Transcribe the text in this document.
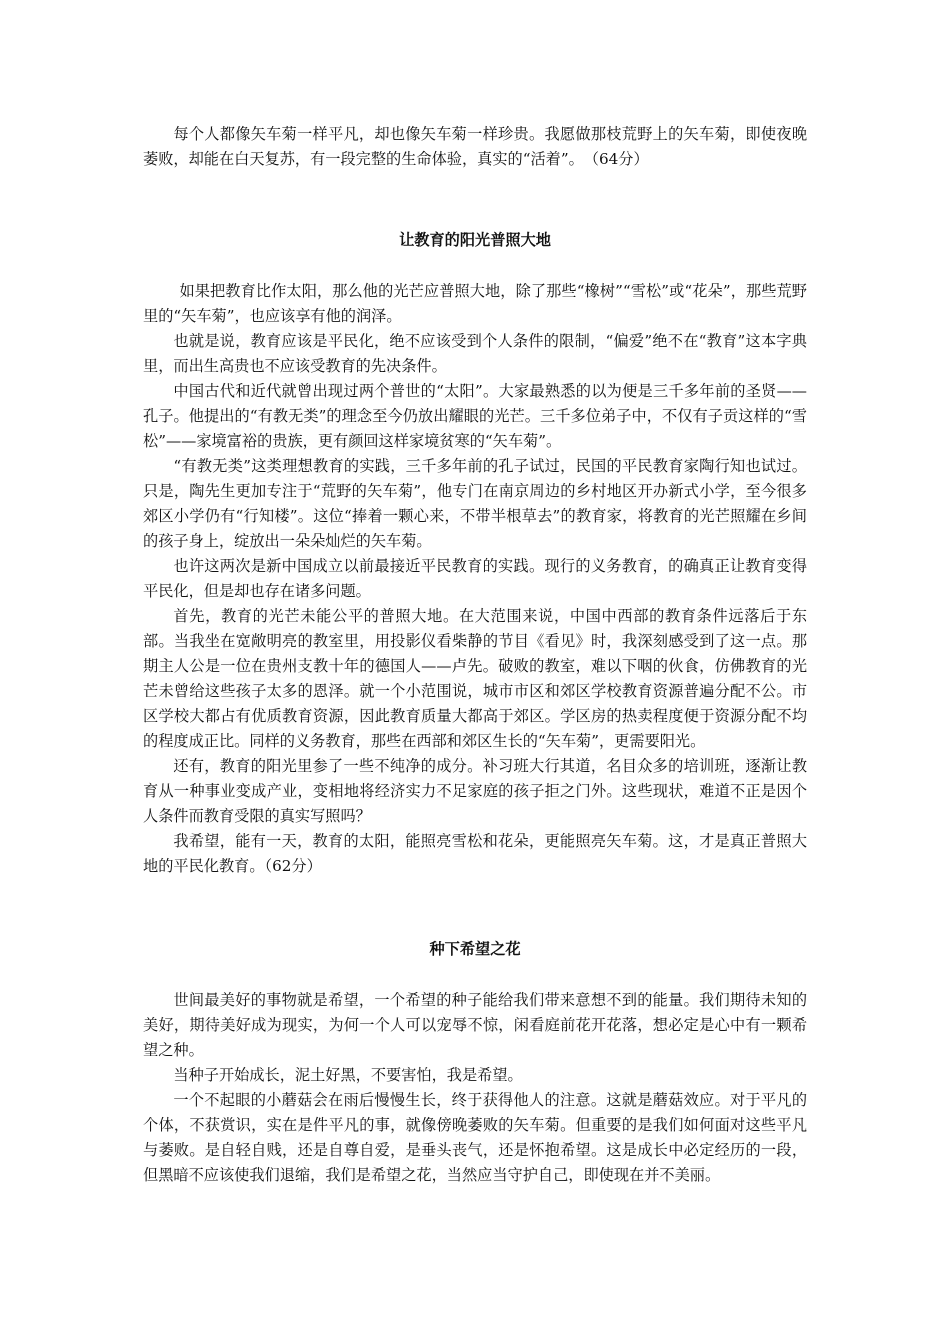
每个人都像矢车菊一样平凡，却也像矢车菊一样珍贵。我愿做那枝荒野上的矢车菊，即使夜晚萎败，却能在白天复苏，有一段完整的生命体验，真实的“活着”。　（64分）

让教育的阳光普照大地

如果把教育比作太阳，那么他的光芒应普照大地，除了那些“橡树”“雪松”或“花朵”，那些荒野里的“矢车菊”，也应该享有他的润泽。

也就是说，教育应该是平民化，绝不应该受到个人条件的限制，“偏爱”绝不在“教育”这本字典里，而出生高贵也不应该受教育的先决条件。

中国古代和近代就曾出现过两个普世的“太阳”。大家最熟悉的以为便是三千多年前的圣贤——孔子。他提出的“有教无类”的理念至今仍放出耀眼的光芒。三千多位弟子中，不仅有子贡这样的“雪松”——家境富裕的贵族，更有颜回这样家境贫寒的“矢车菊”。

“有教无类”这类理想教育的实践，三千多年前的孔子试过，民国的平民教育家陶行知也试过。只是，陶先生更加专注于“荒野的矢车菊”，他专门在南京周边的乡村地区开办新式小学，至今很多郊区小学仍有“行知楼”。这位“捧着一颗心来，不带半根草去”的教育家，将教育的光芒照耀在乡间的孩子身上，绽放出一朵朵灿烂的矢车菊。

也许这两次是新中国成立以前最接近平民教育的实践。现行的义务教育，的确真正让教育变得平民化，但是却也存在诸多问题。

首先，教育的光芒未能公平的普照大地。在大范围来说，中国中西部的教育条件远落后于东部。当我坐在宽敞明亮的教室里，用投影仪看柴静的节目《看见》时，我深刻感受到了这一点。那期主人公是一位在贵州支教十年的德国人——卢先。破败的教室，难以下咽的伙食，仿佛教育的光芒未曾给这些孩子太多的恩泽。就一个小范围说，城市市区和郊区学校教育资源普遍分配不公。市区学校大都占有优质教育资源，因此教育质量大都高于郊区。学区房的热卖程度便于资源分配不均的程度成正比。同样的义务教育，那些在西部和郊区生长的“矢车菊”，更需要阳光。

还有，教育的阳光里参了一些不纯净的成分。补习班大行其道，名目众多的培训班，逐渐让教育从一种事业变成产业，变相地将经济实力不足家庭的孩子拒之门外。这些现状，难道不正是因个人条件而教育受限的真实写照吗？

我希望，能有一天，教育的太阳，能照亮雪松和花朵，更能照亮矢车菊。这，才是真正普照大地的平民化教育。（62分）

种下希望之花

世间最美好的事物就是希望，一个希望的种子能给我们带来意想不到的能量。我们期待未知的美好，期待美好成为现实，为何一个人可以宠辱不惊，闲看庭前花开花落，想必定是心中有一颗希望之种。

当种子开始成长，泥土好黑，不要害怕，我是希望。

一个不起眼的小蘑菇会在雨后慢慢生长，终于获得他人的注意。这就是蘑菇效应。对于平凡的个体，不获赏识，实在是件平凡的事，就像傍晚萎败的矢车菊。但重要的是我们如何面对这些平凡与萎败。是自轻自贱，还是自尊自爱，是垂头丧气，还是怀抱希望。这是成长中必定经历的一段，但黑暗不应该使我们退缩，我们是希望之花，当然应当守护自己，即使现在并不美丽。
